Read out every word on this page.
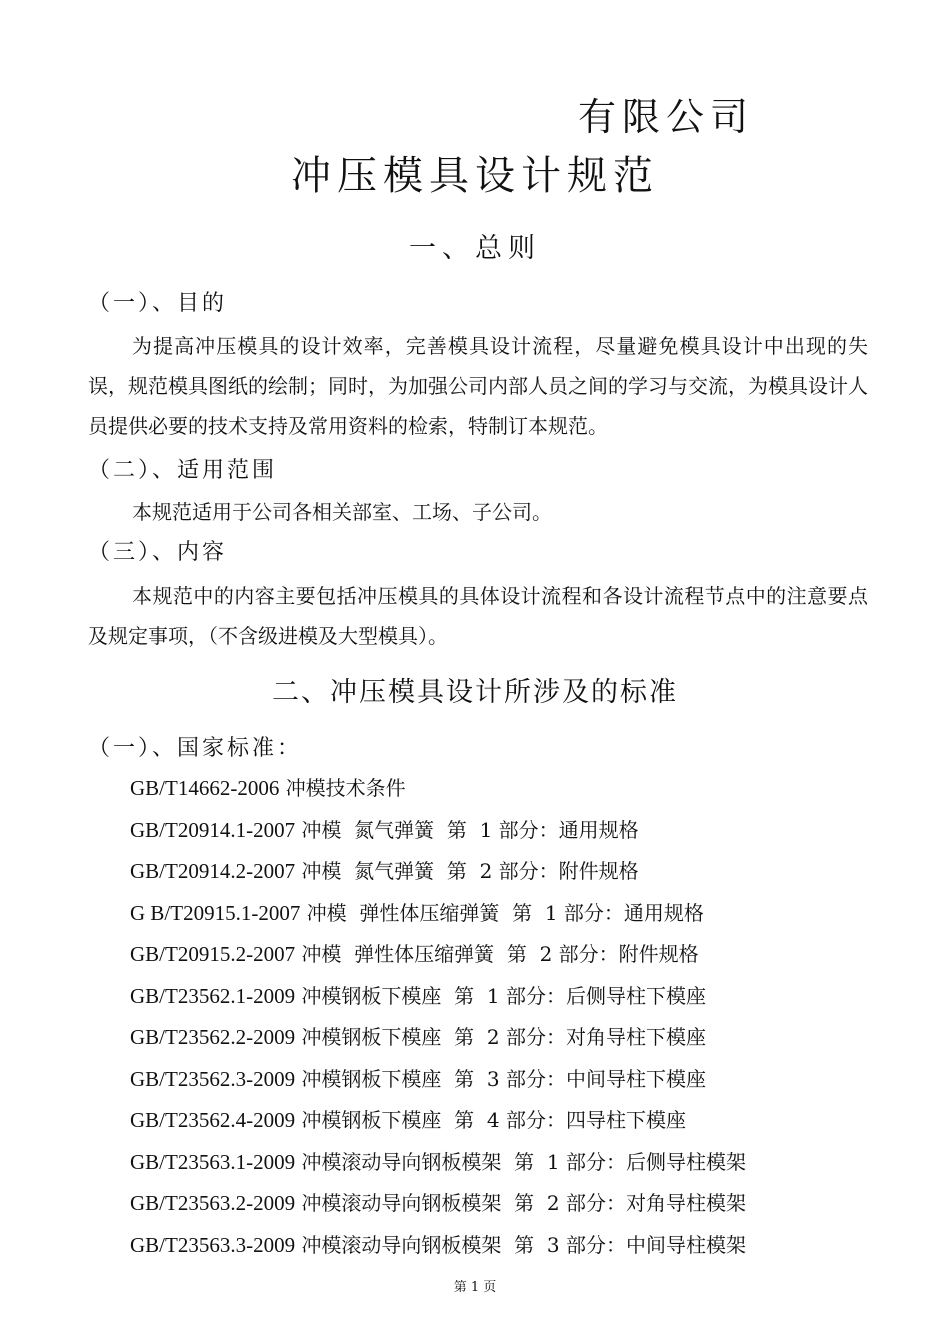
有限公司
冲压模具设计规范
一、总则
（一）、目的

为提高冲压模具的设计效率，完善模具设计流程，尽量避免模具设计中出现的失误，规范模具图纸的绘制；同时，为加强公司内部人员之间的学习与交流，为模具设计人员提供必要的技术支持及常用资料的检索，特制订本规范。

（二）、适用范围

本规范适用于公司各相关部室、工场、子公司。

（三）、内容

本规范中的内容主要包括冲压模具的具体设计流程和各设计流程节点中的注意要点及规定事项，（不含级进模及大型模具）。

二、冲压模具设计所涉及的标准
（一）、国家标准：
GB/T14662-2006 冲模技术条件
GB/T20914.1-2007 冲模  氮气弹簧  第  1 部分：通用规格
GB/T20914.2-2007 冲模  氮气弹簧  第  2 部分：附件规格
G B/T20915.1-2007 冲模  弹性体压缩弹簧  第  1 部分：通用规格
GB/T20915.2-2007 冲模  弹性体压缩弹簧  第  2 部分：附件规格
GB/T23562.1-2009 冲模钢板下模座  第  1 部分：后侧导柱下模座
GB/T23562.2-2009 冲模钢板下模座  第  2 部分：对角导柱下模座
GB/T23562.3-2009 冲模钢板下模座  第  3 部分：中间导柱下模座
GB/T23562.4-2009 冲模钢板下模座  第  4 部分：四导柱下模座
GB/T23563.1-2009 冲模滚动导向钢板模架  第  1 部分：后侧导柱模架
GB/T23563.2-2009 冲模滚动导向钢板模架  第  2 部分：对角导柱模架
GB/T23563.3-2009 冲模滚动导向钢板模架  第  3 部分：中间导柱模架
第 1 页
